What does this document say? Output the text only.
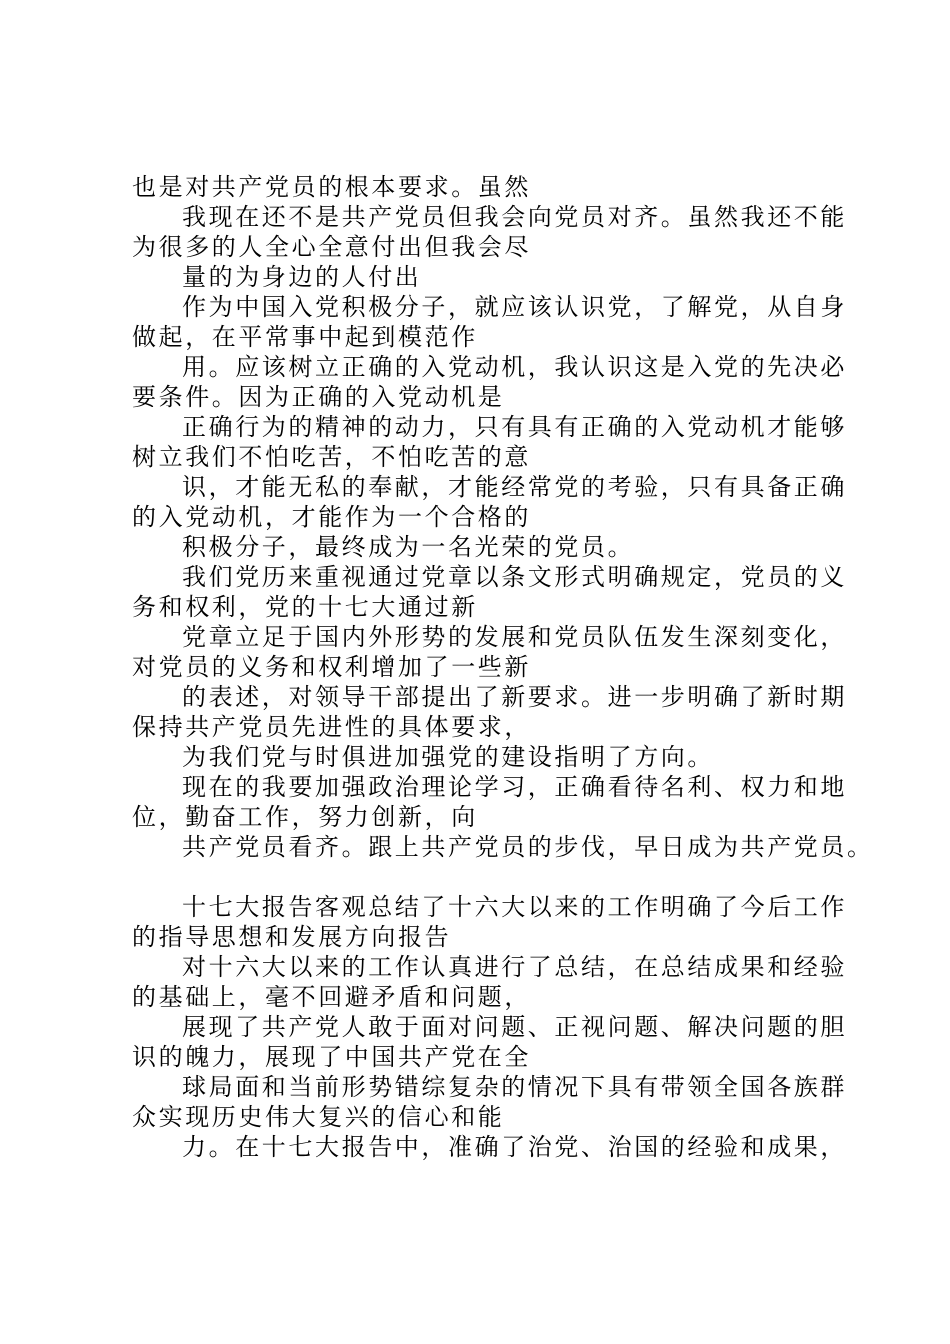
也是对共产党员的根本要求。虽然
我现在还不是共产党员但我会向党员对齐。虽然我还不能
为很多的人全心全意付出但我会尽
量的为身边的人付出
作为中国入党积极分子，就应该认识党，了解党，从自身
做起，在平常事中起到模范作
用。应该树立正确的入党动机，我认识这是入党的先决必
要条件。因为正确的入党动机是
正确行为的精神的动力，只有具有正确的入党动机才能够
树立我们不怕吃苦，不怕吃苦的意
识，才能无私的奉献，才能经常党的考验，只有具备正确
的入党动机，才能作为一个合格的
积极分子，最终成为一名光荣的党员。
我们党历来重视通过党章以条文形式明确规定，党员的义
务和权利，党的十七大通过新
党章立足于国内外形势的发展和党员队伍发生深刻变化，
对党员的义务和权利增加了一些新
的表述，对领导干部提出了新要求。进一步明确了新时期
保持共产党员先进性的具体要求，
为我们党与时俱进加强党的建设指明了方向。
现在的我要加强政治理论学习，正确看待名利、权力和地
位，勤奋工作，努力创新，向
共产党员看齐。跟上共产党员的步伐，早日成为共产党员。
十七大报告客观总结了十六大以来的工作明确了今后工作
的指导思想和发展方向报告
对十六大以来的工作认真进行了总结，在总结成果和经验
的基础上，毫不回避矛盾和问题，
展现了共产党人敢于面对问题、正视问题、解决问题的胆
识的魄力，展现了中国共产党在全
球局面和当前形势错综复杂的情况下具有带领全国各族群
众实现历史伟大复兴的信心和能
力。在十七大报告中，准确了治党、治国的经验和成果，
